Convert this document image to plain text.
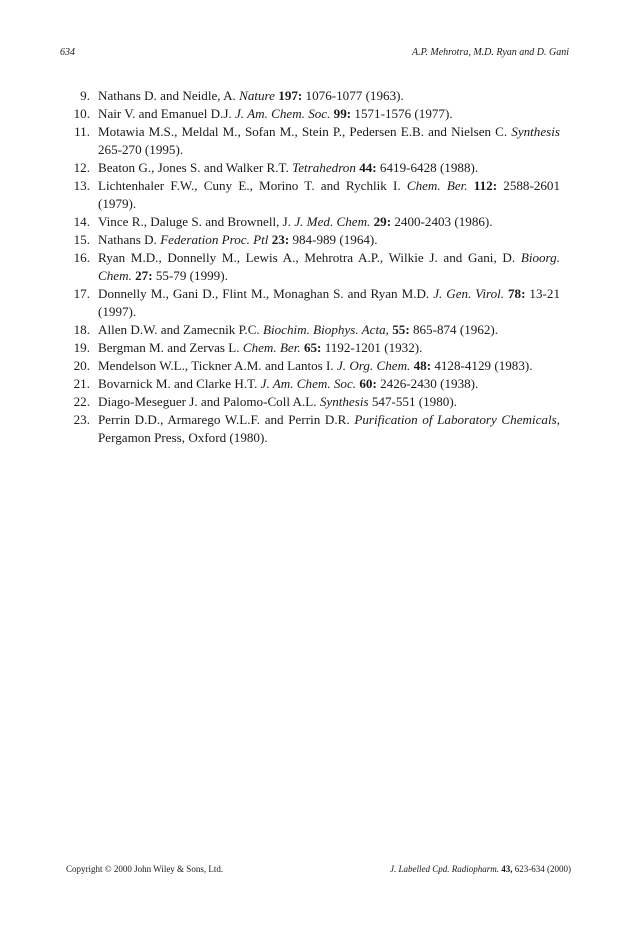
634	A.P. Mehrotra, M.D. Ryan and D. Gani
9. Nathans D. and Neidle, A. Nature 197: 1076-1077 (1963).
10. Nair V. and Emanuel D.J. J. Am. Chem. Soc. 99: 1571-1576 (1977).
11. Motawia M.S., Meldal M., Sofan M., Stein P., Pedersen E.B. and Nielsen C. Synthesis 265-270 (1995).
12. Beaton G., Jones S. and Walker R.T. Tetrahedron 44: 6419-6428 (1988).
13. Lichtenhaler F.W., Cuny E., Morino T. and Rychlik I. Chem. Ber. 112: 2588-2601 (1979).
14. Vince R., Daluge S. and Brownell, J. J. Med. Chem. 29: 2400-2403 (1986).
15. Nathans D. Federation Proc. Ptl 23: 984-989 (1964).
16. Ryan M.D., Donnelly M., Lewis A., Mehrotra A.P., Wilkie J. and Gani, D. Bioorg. Chem. 27: 55-79 (1999).
17. Donnelly M., Gani D., Flint M., Monaghan S. and Ryan M.D. J. Gen. Virol. 78: 13-21 (1997).
18. Allen D.W. and Zamecnik P.C. Biochim. Biophys. Acta, 55: 865-874 (1962).
19. Bergman M. and Zervas L. Chem. Ber. 65: 1192-1201 (1932).
20. Mendelson W.L., Tickner A.M. and Lantos I. J. Org. Chem. 48: 4128-4129 (1983).
21. Bovarnick M. and Clarke H.T. J. Am. Chem. Soc. 60: 2426-2430 (1938).
22. Diago-Meseguer J. and Palomo-Coll A.L. Synthesis 547-551 (1980).
23. Perrin D.D., Armarego W.L.F. and Perrin D.R. Purification of Laboratory Chemicals, Pergamon Press, Oxford (1980).
Copyright © 2000 John Wiley & Sons, Ltd.	J. Labelled Cpd. Radiopharm. 43, 623-634 (2000)
